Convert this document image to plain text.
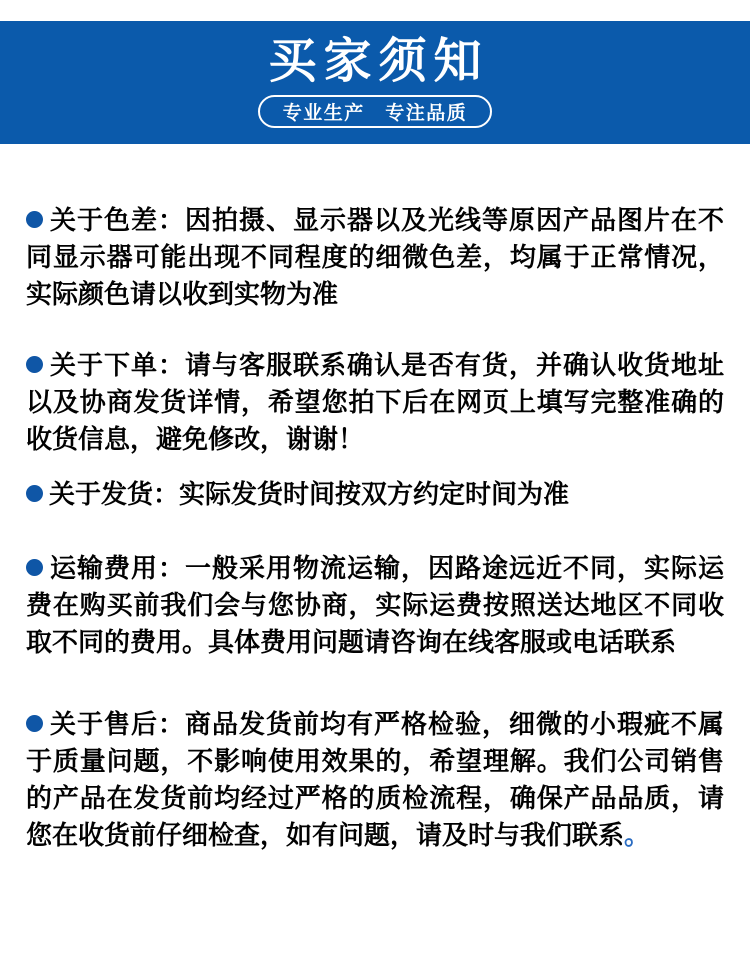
买家须知
专业生产　专注品质

关于色差：因拍摄、显示器以及光线等原因产品图片在不同显示器可能出现不同程度的细微色差，均属于正常情况，实际颜色请以收到实物为准

关于下单：请与客服联系确认是否有货，并确认收货地址以及协商发货详情，希望您拍下后在网页上填写完整准确的收货信息，避免修改，谢谢！

关于发货：实际发货时间按双方约定时间为准

运输费用：一般采用物流运输，因路途远近不同，实际运费在购买前我们会与您协商，实际运费按照送达地区不同收取不同的费用。具体费用问题请咨询在线客服或电话联系

关于售后：商品发货前均有严格检验，细微的小瑕疵不属于质量问题，不影响使用效果的，希望理解。我们公司销售的产品在发货前均经过严格的质检流程，确保产品品质，请您在收货前仔细检查，如有问题，请及时与我们联系。
